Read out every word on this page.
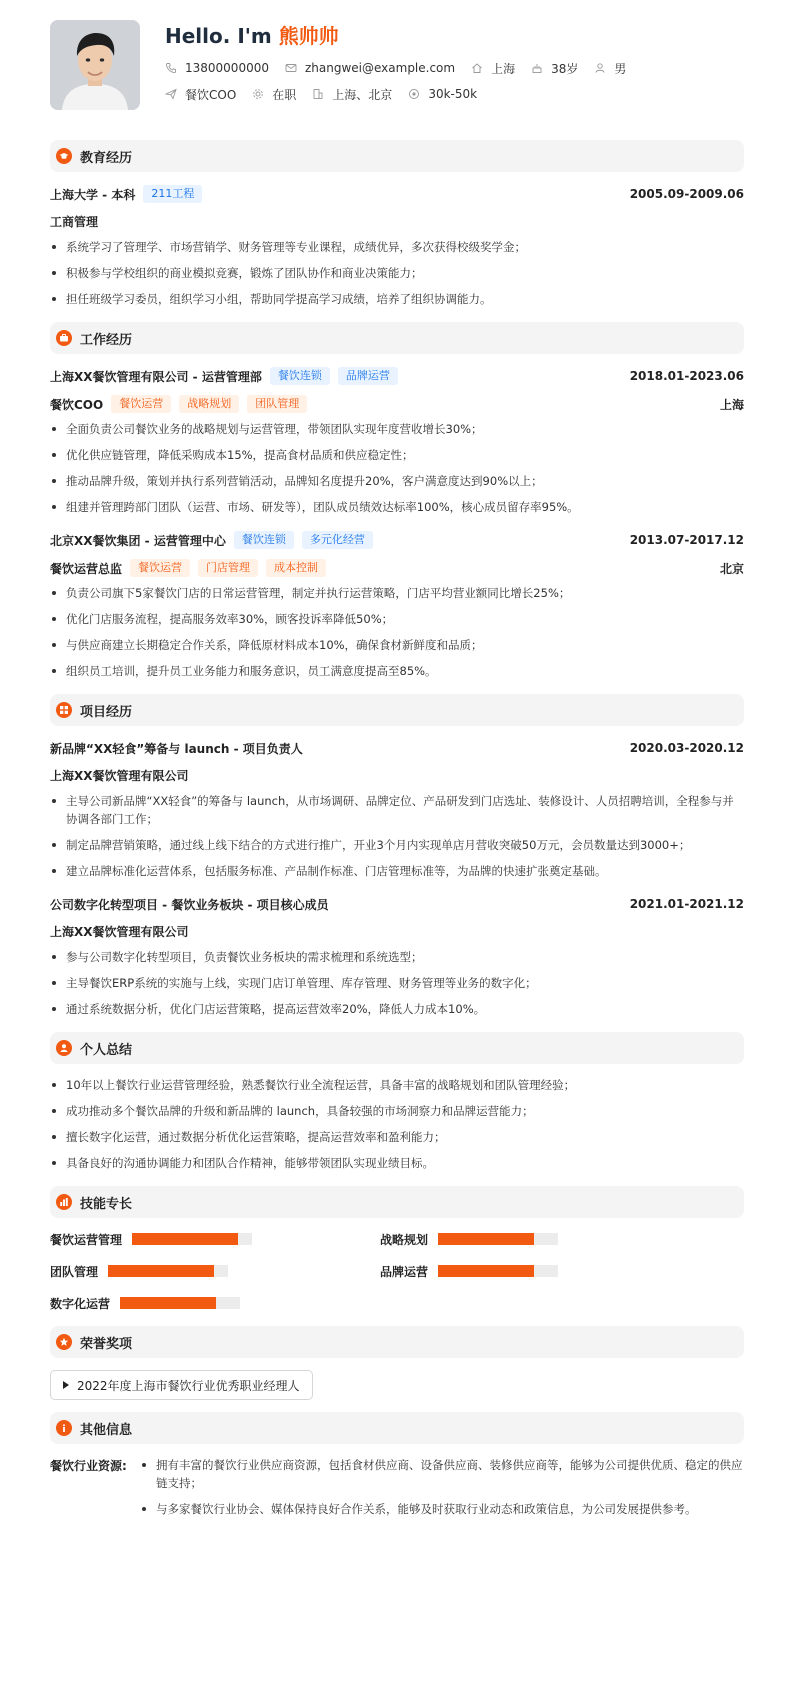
Hello. I'm 熊帅帅
13800000000	zhangwei@example.com	上海	38岁	男
餐饮COO	在职	上海、北京	30k-50k
教育经历
上海大学 - 本科	211工程	2005.09-2009.06
工商管理
系统学习了管理学、市场营销学、财务管理等专业课程，成绩优异，多次获得校级奖学金；
积极参与学校组织的商业模拟竞赛，锻炼了团队协作和商业决策能力；
担任班级学习委员，组织学习小组，帮助同学提高学习成绩，培养了组织协调能力。
工作经历
上海XX餐饮管理有限公司 - 运营管理部	餐饮连锁	品牌运营	2018.01-2023.06
餐饮COO	餐饮运营	战略规划	团队管理	上海
全面负责公司餐饮业务的战略规划与运营管理，带领团队实现年度营收增长30%；
优化供应链管理，降低采购成本15%，提高食材品质和供应稳定性；
推动品牌升级，策划并执行系列营销活动，品牌知名度提升20%，客户满意度达到90%以上；
组建并管理跨部门团队（运营、市场、研发等），团队成员绩效达标率100%，核心成员留存率95%。
北京XX餐饮集团 - 运营管理中心	餐饮连锁	多元化经营	2013.07-2017.12
餐饮运营总监	餐饮运营	门店管理	成本控制	北京
负责公司旗下5家餐饮门店的日常运营管理，制定并执行运营策略，门店平均营业额同比增长25%；
优化门店服务流程，提高服务效率30%，顾客投诉率降低50%；
与供应商建立长期稳定合作关系，降低原材料成本10%，确保食材新鲜度和品质；
组织员工培训，提升员工业务能力和服务意识，员工满意度提高至85%。
项目经历
新品牌“XX轻食”筹备与 launch - 项目负责人	2020.03-2020.12
上海XX餐饮管理有限公司
主导公司新品牌“XX轻食”的筹备与 launch，从市场调研、品牌定位、产品研发到门店选址、装修设计、人员招聘培训，全程参与并协调各部门工作；
制定品牌营销策略，通过线上线下结合的方式进行推广，开业3个月内实现单店月营收突破50万元，会员数量达到3000+；
建立品牌标准化运营体系，包括服务标准、产品制作标准、门店管理标准等，为品牌的快速扩张奠定基础。
公司数字化转型项目 - 餐饮业务板块 - 项目核心成员	2021.01-2021.12
上海XX餐饮管理有限公司
参与公司数字化转型项目，负责餐饮业务板块的需求梳理和系统选型；
主导餐饮ERP系统的实施与上线，实现门店订单管理、库存管理、财务管理等业务的数字化；
通过系统数据分析，优化门店运营策略，提高运营效率20%，降低人力成本10%。
个人总结
10年以上餐饮行业运营管理经验，熟悉餐饮行业全流程运营，具备丰富的战略规划和团队管理经验；
成功推动多个餐饮品牌的升级和新品牌的 launch，具备较强的市场洞察力和品牌运营能力；
擅长数字化运营，通过数据分析优化运营策略，提高运营效率和盈利能力；
具备良好的沟通协调能力和团队合作精神，能够带领团队实现业绩目标。
技能专长
餐饮运营管理	战略规划
团队管理	品牌运营
数字化运营
荣誉奖项
2022年度上海市餐饮行业优秀职业经理人
其他信息
餐饮行业资源:	拥有丰富的餐饮行业供应商资源，包括食材供应商、设备供应商、装修供应商等，能够为公司提供优质、稳定的供应链支持；
与多家餐饮行业协会、媒体保持良好合作关系，能够及时获取行业动态和政策信息，为公司发展提供参考。
